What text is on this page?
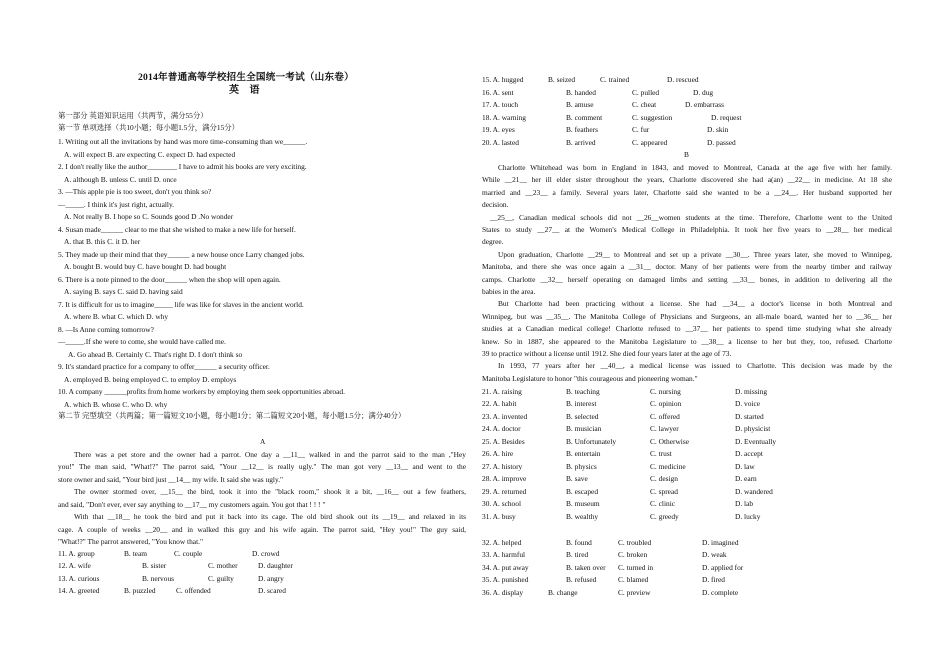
2014年普通高等学校招生全国统一考试（山东卷）
英 语
第一部分 英语知识运用（共两节，满分55分）
第一节 单项选择（共10小题；每小题1.5分，满分15分）
1. Writing out all the invitations by hand was more time-consuming than we______.
A. will expect B. are expecting C. expect D. had expected
2. I don't really like the author________ I have to admit his books are very exciting.
A. although B. unless C. until D. once
3. —This apple pie is too sweet, don't you think so?
—_____. I think it's just right, actually.
A. Not really B. I hope so C. Sounds good D .No wonder
4. Susan made______ clear to me that she wished to make a new life for herself.
A. that B. this C. it D. her
5. They made up their mind that they______ a new house once Larry changed jobs.
A. bought B. would buy C. have bought D. had bought
6. There is a note pinned to the door______ when the shop will open again.
A. saying B. says C. said D. having said
7. It is difficult for us to imagine_____ life was like for slaves in the ancient world.
A. where B. what C. which D. why
8. —Is Anne coming tomorrow?
—_____.If she were to come, she would have called me.
A. Go ahead B. Certainly C. That's right D. I don't think so
9. It's standard practice for a company to offer______ a security officer.
A. employed B. being employed C. to employ D. employs
10. A company ______profits from home workers by employing them seek opportunities abroad.
A. which B. whose C. who D. why
第二节 完型填空（共两篇；第一篇短文10小题，每小题1分；第二篇短文20小题，每小题1.5分；满分40分）
A
There was a pet store and the owner had a parrot. One day a __11__ walked in and the parrot said to the man ,"Hey
you!" The man said, "What!?" The parrot said, "Your __12__ is really ugly." The man got very __13__ and went to the
store owner and said, "Your bird just __14__ my wife. It said she was ugly."
The owner stormed over, __15__ the bird, took it into the "black room," shook it a bit, __16__ out a few feathers,
and said, "Don't ever, ever say anything to __17__ my customers again. You got that ! ! ! "
With that __18__ he took the bird and put it back into its cage. The old bird shook out its __19__ and relaxed in its
cage. A couple of weeks __20__ and in walked this guy and his wife again. The parrot said, "Hey you!" The guy said,
"What!?" The parrot answered, "You know that."
11. A. group	B. team	C. couple	D. crowd
12. A. wife	B. sister	C. mother	D. daughter
13. A. curious	B. nervous	C. guilty	D. angry
14. A. greeted	B. puzzled	C. offended	D. scared
15. A. hugged	B. seized	C. trained	D. rescued
16. A. sent	B. handed	C. pulled	D. dug
17. A. touch	B. amuse	C. cheat	D. embarrass
18. A. warning	B. comment	C. suggestion	D. request
19. A. eyes	B. feathers	C. fur	D. skin
20. A. lasted	B. arrived	C. appeared	D. passed
B
Charlotte Whitehead was born in England in 1843, and moved to Montreal, Canada at the age five with her family.
While __21__ her ill elder sister throughout the years, Charlotte discovered she had a(an) __22__ in medicine. At 18 she
married and __23__ a family. Several years later, Charlotte said she wanted to be a __24__. Her husband supported her
decision.
__25__, Canadian medical schools did not __26__women students at the time. Therefore, Charlotte went to the United
States to study __27__ at the Women's Medical College in Philadelphia. It took her five years to __28__ her medical
degree.
Upon graduation, Charlotte __29__ to Montreal and set up a private __30__. Three years later, she moved to Winnipeg,
Manitoba, and there she was once again a __31__ doctor. Many of her patients were from the nearby timber and railway
camps. Charlotte __32__ herself operating on damaged limbs and setting __33__ bones, in addition to delivering all the
babies in the area.
But Charlotte had been practicing without a license. She had __34__ a doctor's license in both Montreal and
Winnipeg, but was __35__. The Manitoba College of Physicians and Surgeons, an all-male board, wanted her to __36__ her
studies at a Canadian medical college! Charlotte refused to __37__ her patients to spend time studying what she already
knew. So in 1887, she appeared to the Manitoba Legislature to __38__ a license to her but they, too, refused. Charlotte
39 to practice without a license until 1912. She died four years later at the age of 73.
In 1993, 77 years after her __40__, a medical license was issued to Charlotte. This decision was made by the
Manitoba Legislature to honor "this courageous and pioneering woman."
21. A. raising	B. teaching	C. nursing	D. missing
22. A. habit	B. interest	C. opinion	D. voice
23. A. invented	B. selected	C. offered	D. started
24. A. doctor	B. musician	C. lawyer	D. physicist
25. A. Besides	B. Unfortunately	C. Otherwise	D. Eventually
26. A. hire	B. entertain	C. trust	D. accept
27. A. history	B. physics	C. medicine	D. law
28. A. improve	B. save	C. design	D. earn
29. A. returned	B. escaped	C. spread	D. wandered
30. A. school	B. museum	C. clinic	D. lab
31. A. busy	B. wealthy	C. greedy	D. lucky
32. A. helped	B. found	C. troubled	D. imagined
33. A. harmful	B. tired	C. broken	D. weak
34. A. put away	B. taken over C. turned in	D. applied for
35. A. punished	B. refused	C. blamed	D. fired
36. A. display	B. change	C. preview	D. complete
